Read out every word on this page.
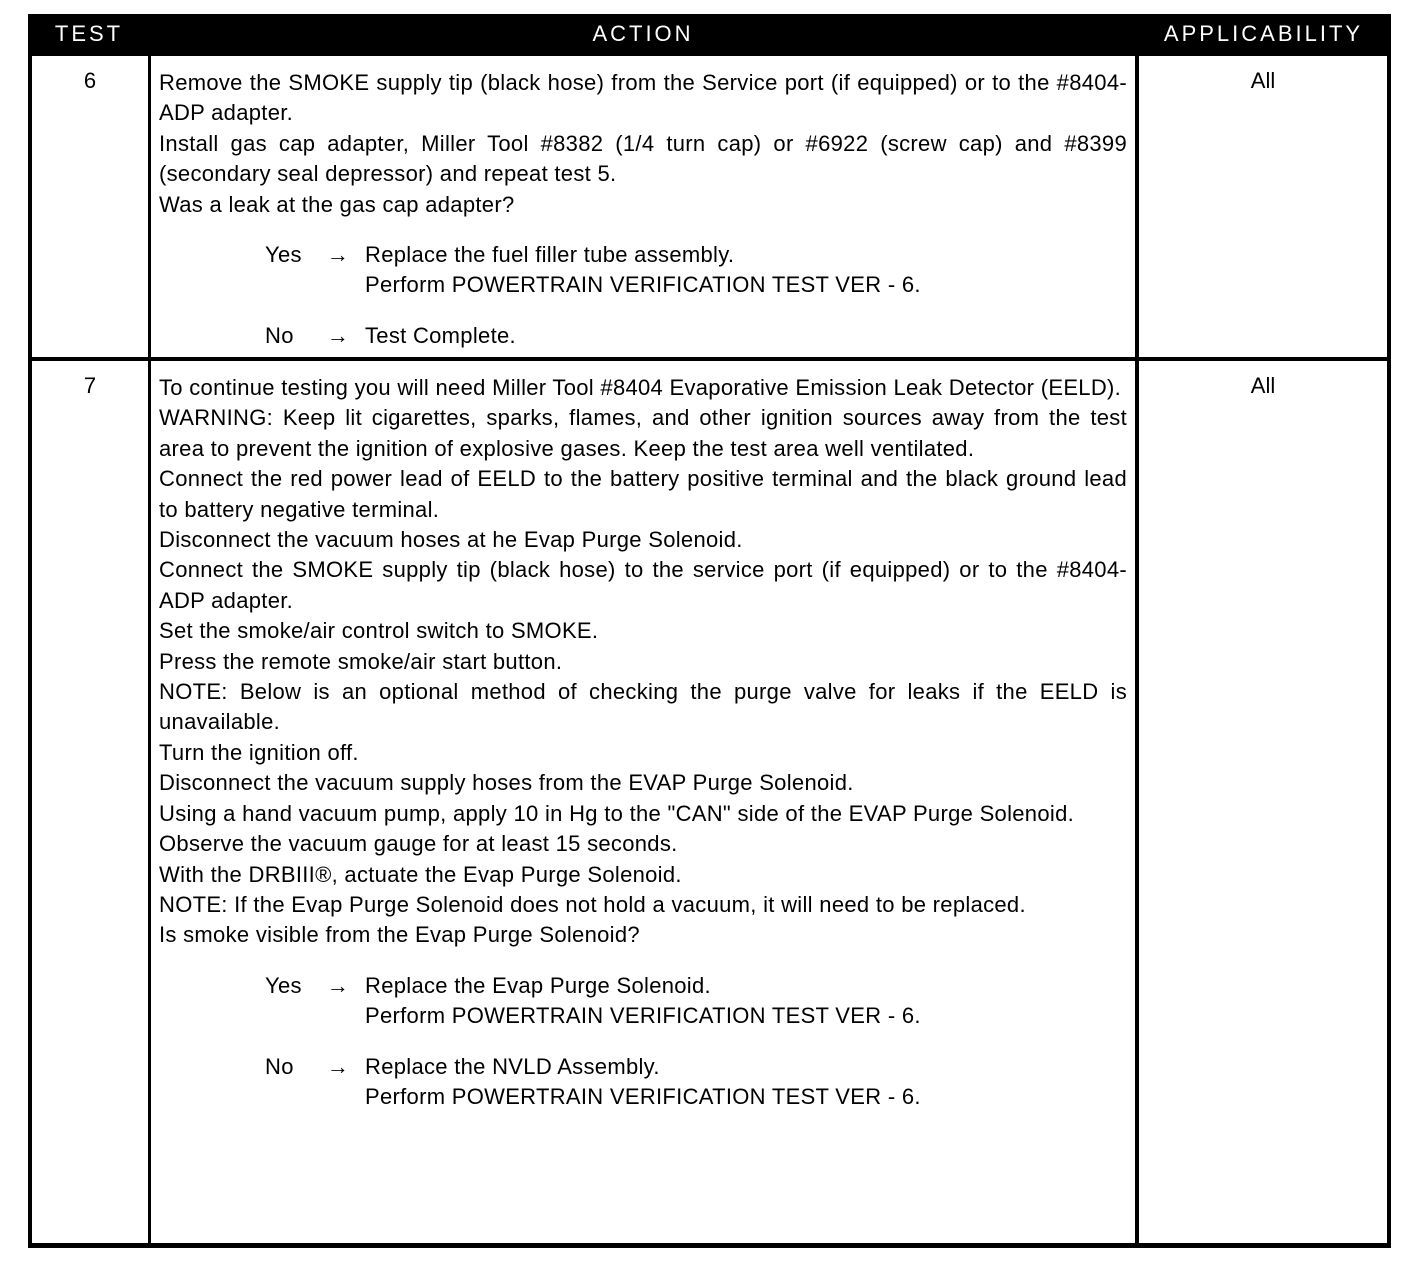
TEST	ACTION	APPLICABILITY
6	Remove the SMOKE supply tip (black hose) from the Service port (if equipped) or to the #8404-ADP adapter.

Install gas cap adapter, Miller Tool #8382 (1/4 turn cap) or #6922 (screw cap) and #8399 (secondary seal depressor) and repeat test 5.

Was a leak at the gas cap adapter?

Yes	→ Replace the fuel filler tube assembly.
Perform POWERTRAIN VERIFICATION TEST VER - 6.
No	→ Test Complete.
All
7	To continue testing you will need Miller Tool #8404 Evaporative Emission Leak Detector (EELD).

WARNING: Keep lit cigarettes, sparks, flames, and other ignition sources away from the test area to prevent the ignition of explosive gases. Keep the test area well ventilated.

Connect the red power lead of EELD to the battery positive terminal and the black ground lead to battery negative terminal.

Disconnect the vacuum hoses at he Evap Purge Solenoid.

Connect the SMOKE supply tip (black hose) to the service port (if equipped) or to the #8404-ADP adapter.

Set the smoke/air control switch to SMOKE.

Press the remote smoke/air start button.

NOTE: Below is an optional method of checking the purge valve for leaks if the EELD is unavailable.

Turn the ignition off.

Disconnect the vacuum supply hoses from the EVAP Purge Solenoid.

Using a hand vacuum pump, apply 10 in Hg to the "CAN" side of the EVAP Purge Solenoid.

Observe the vacuum gauge for at least 15 seconds.

With the DRBIII®, actuate the Evap Purge Solenoid.

NOTE: If the Evap Purge Solenoid does not hold a vacuum, it will need to be replaced.

Is smoke visible from the Evap Purge Solenoid?

Yes	→ Replace the Evap Purge Solenoid.
Perform POWERTRAIN VERIFICATION TEST VER - 6.
No	→ Replace the NVLD Assembly.
Perform POWERTRAIN VERIFICATION TEST VER - 6.
All
